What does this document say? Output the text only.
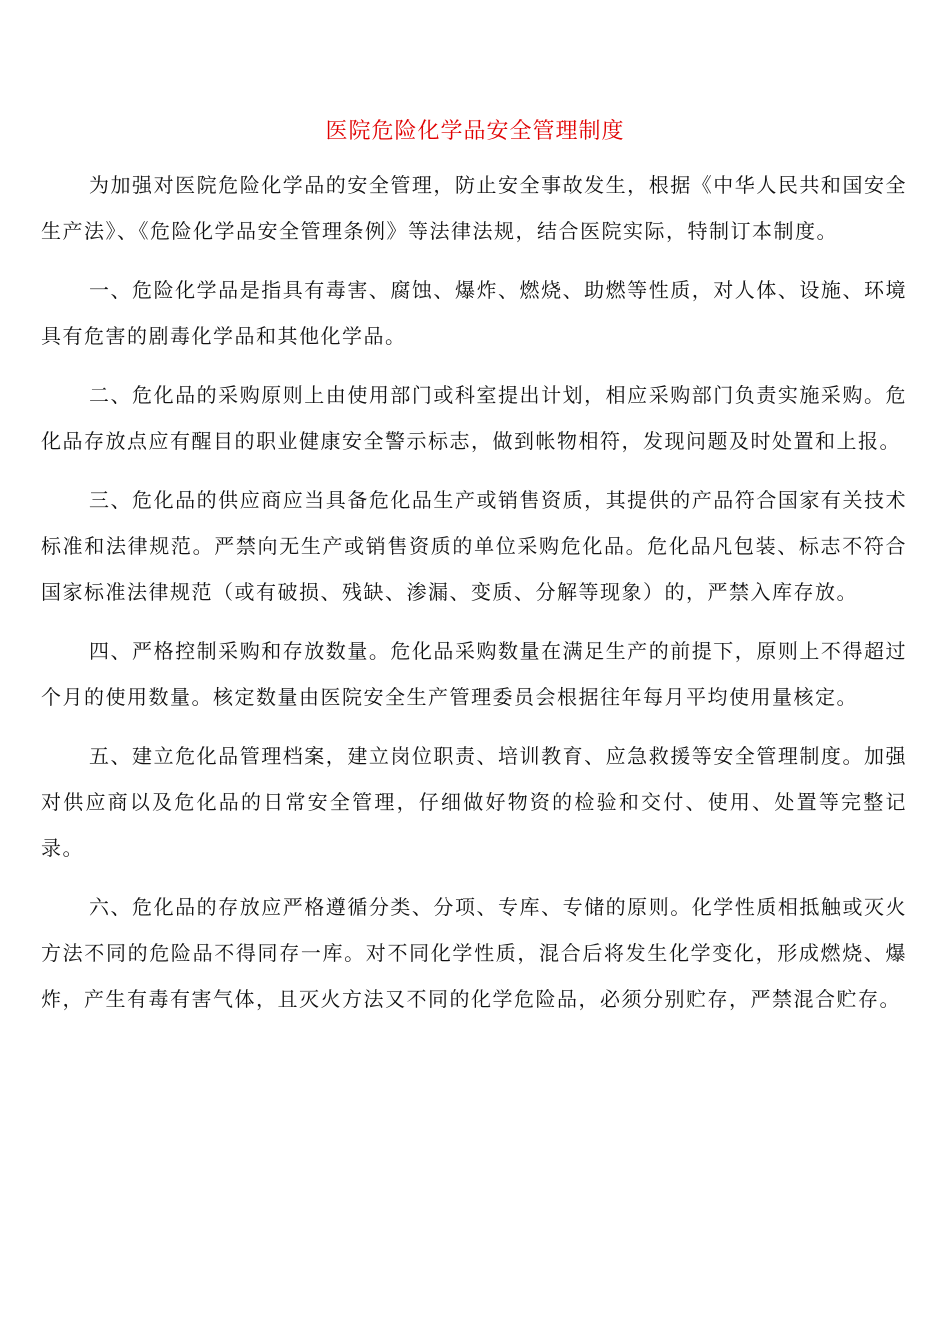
医院危险化学品安全管理制度

为加强对医院危险化学品的安全管理，防止安全事故发生，根据《中华人民共和国安全生产法》、《危险化学品安全管理条例》等法律法规，结合医院实际，特制订本制度。

一、危险化学品是指具有毒害、腐蚀、爆炸、燃烧、助燃等性质，对人体、设施、环境具有危害的剧毒化学品和其他化学品。

二、危化品的采购原则上由使用部门或科室提出计划，相应采购部门负责实施采购。危化品存放点应有醒目的职业健康安全警示标志，做到帐物相符，发现问题及时处置和上报。

三、危化品的供应商应当具备危化品生产或销售资质，其提供的产品符合国家有关技术标准和法律规范。严禁向无生产或销售资质的单位采购危化品。危化品凡包装、标志不符合国家标准法律规范（或有破损、残缺、渗漏、变质、分解等现象）的，严禁入库存放。

四、严格控制采购和存放数量。危化品采购数量在满足生产的前提下，原则上不得超过 个月的使用数量。核定数量由医院安全生产管理委员会根据往年每月平均使用量核定。

五、建立危化品管理档案，建立岗位职责、培训教育、应急救援等安全管理制度。加强对供应商以及危化品的日常安全管理，仔细做好物资的检验和交付、使用、处置等完整记录。

六、危化品的存放应严格遵循分类、分项、专库、专储的原则。化学性质相抵触或灭火方法不同的危险品不得同存一库。对不同化学性质，混合后将发生化学变化，形成燃烧、爆炸，产生有毒有害气体，且灭火方法又不同的化学危险品，必须分别贮存，严禁混合贮存。
